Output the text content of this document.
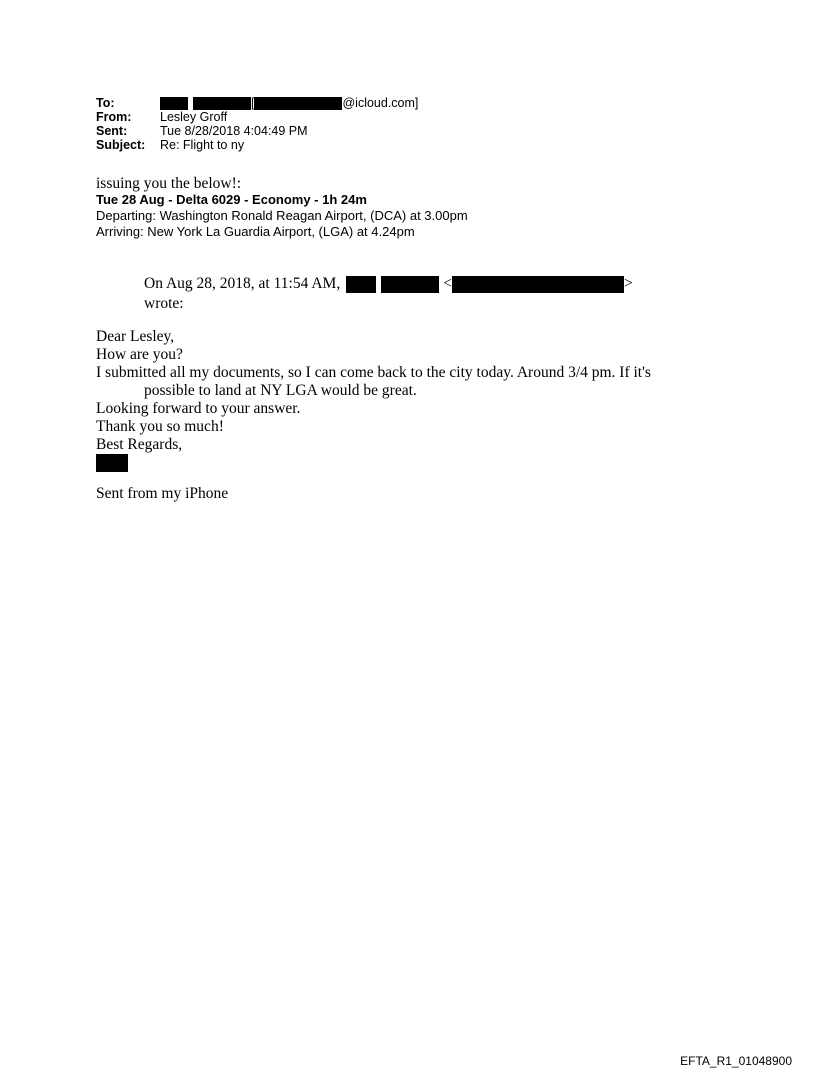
To:	[	@icloud.com]
From:	Lesley Groff
Sent:	Tue 8/28/2018 4:04:49 PM
Subject:	Re: Flight to ny
issuing you the below!:
Tue 28 Aug - Delta 6029 - Economy - 1h 24m
Departing: Washington Ronald Reagan Airport, (DCA) at 3.00pm
Arriving: New York La Guardia Airport, (LGA) at 4.24pm
On Aug 28, 2018, at 11:54 AM,	<	>
wrote:
Dear Lesley,
How are you?
I submitted all my documents, so I can come back to the city today. Around 3/4 pm. If it's
possible to land at NY LGA would be great.
Looking forward to your answer.
Thank you so much!
Best Regards,
Sent from my iPhone
EFTA_R1_01048900
